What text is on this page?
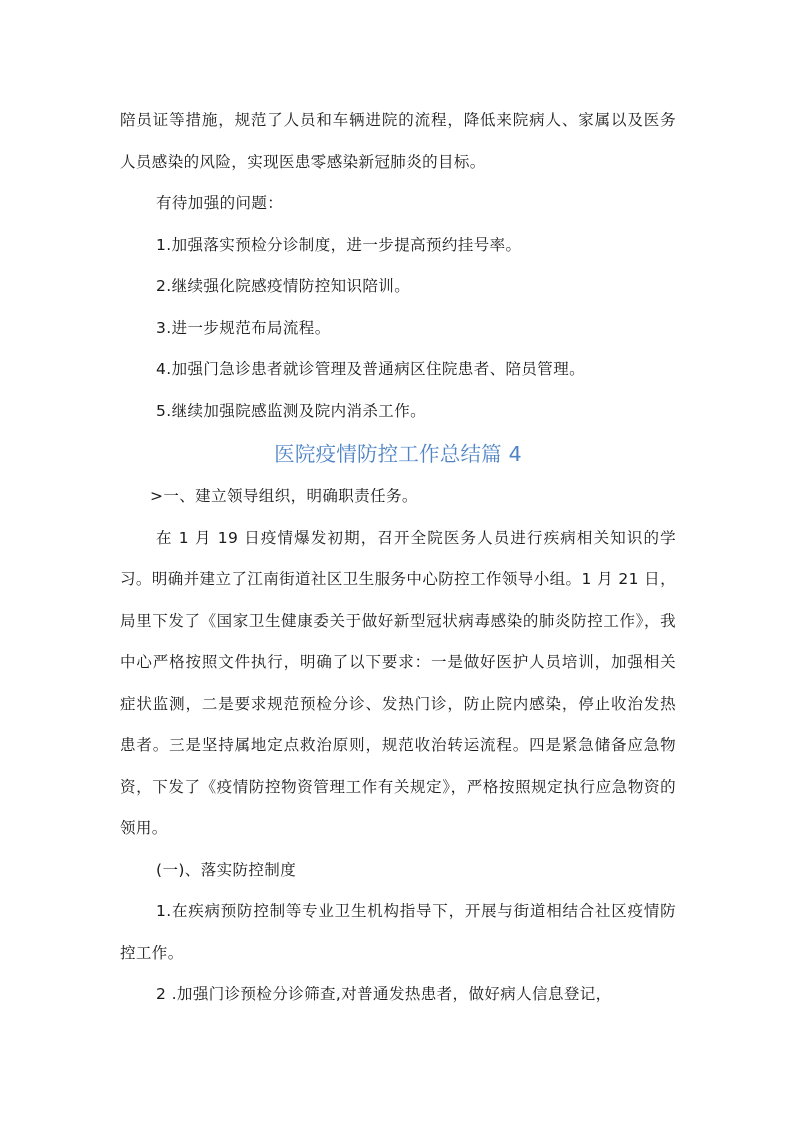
陪员证等措施，规范了人员和车辆进院的流程，降低来院病人、家属以及医务人员感染的风险，实现医患零感染新冠肺炎的目标。

有待加强的问题：

1.加强落实预检分诊制度，进一步提高预约挂号率。

2.继续强化院感疫情防控知识陪训。

3.进一步规范布局流程。

4.加强门急诊患者就诊管理及普通病区住院患者、陪员管理。

5.继续加强院感监测及院内消杀工作。

医院疫情防控工作总结篇 4

>一、建立领导组织，明确职责任务。

在 1 月 19 日疫情爆发初期，召开全院医务人员进行疾病相关知识的学习。明确并建立了江南街道社区卫生服务中心防控工作领导小组。1 月 21 日，局里下发了《国家卫生健康委关于做好新型冠状病毒感染的肺炎防控工作》，我中心严格按照文件执行，明确了以下要求：一是做好医护人员培训，加强相关症状监测，二是要求规范预检分诊、发热门诊，防止院内感染，停止收治发热患者。三是坚持属地定点救治原则，规范收治转运流程。四是紧急储备应急物资，下发了《疫情防控物资管理工作有关规定》，严格按照规定执行应急物资的领用。

(一)、落实防控制度

1.在疾病预防控制等专业卫生机构指导下，开展与街道相结合社区疫情防控工作。

2 .加强门诊预检分诊筛查,对普通发热患者，做好病人信息登记，
